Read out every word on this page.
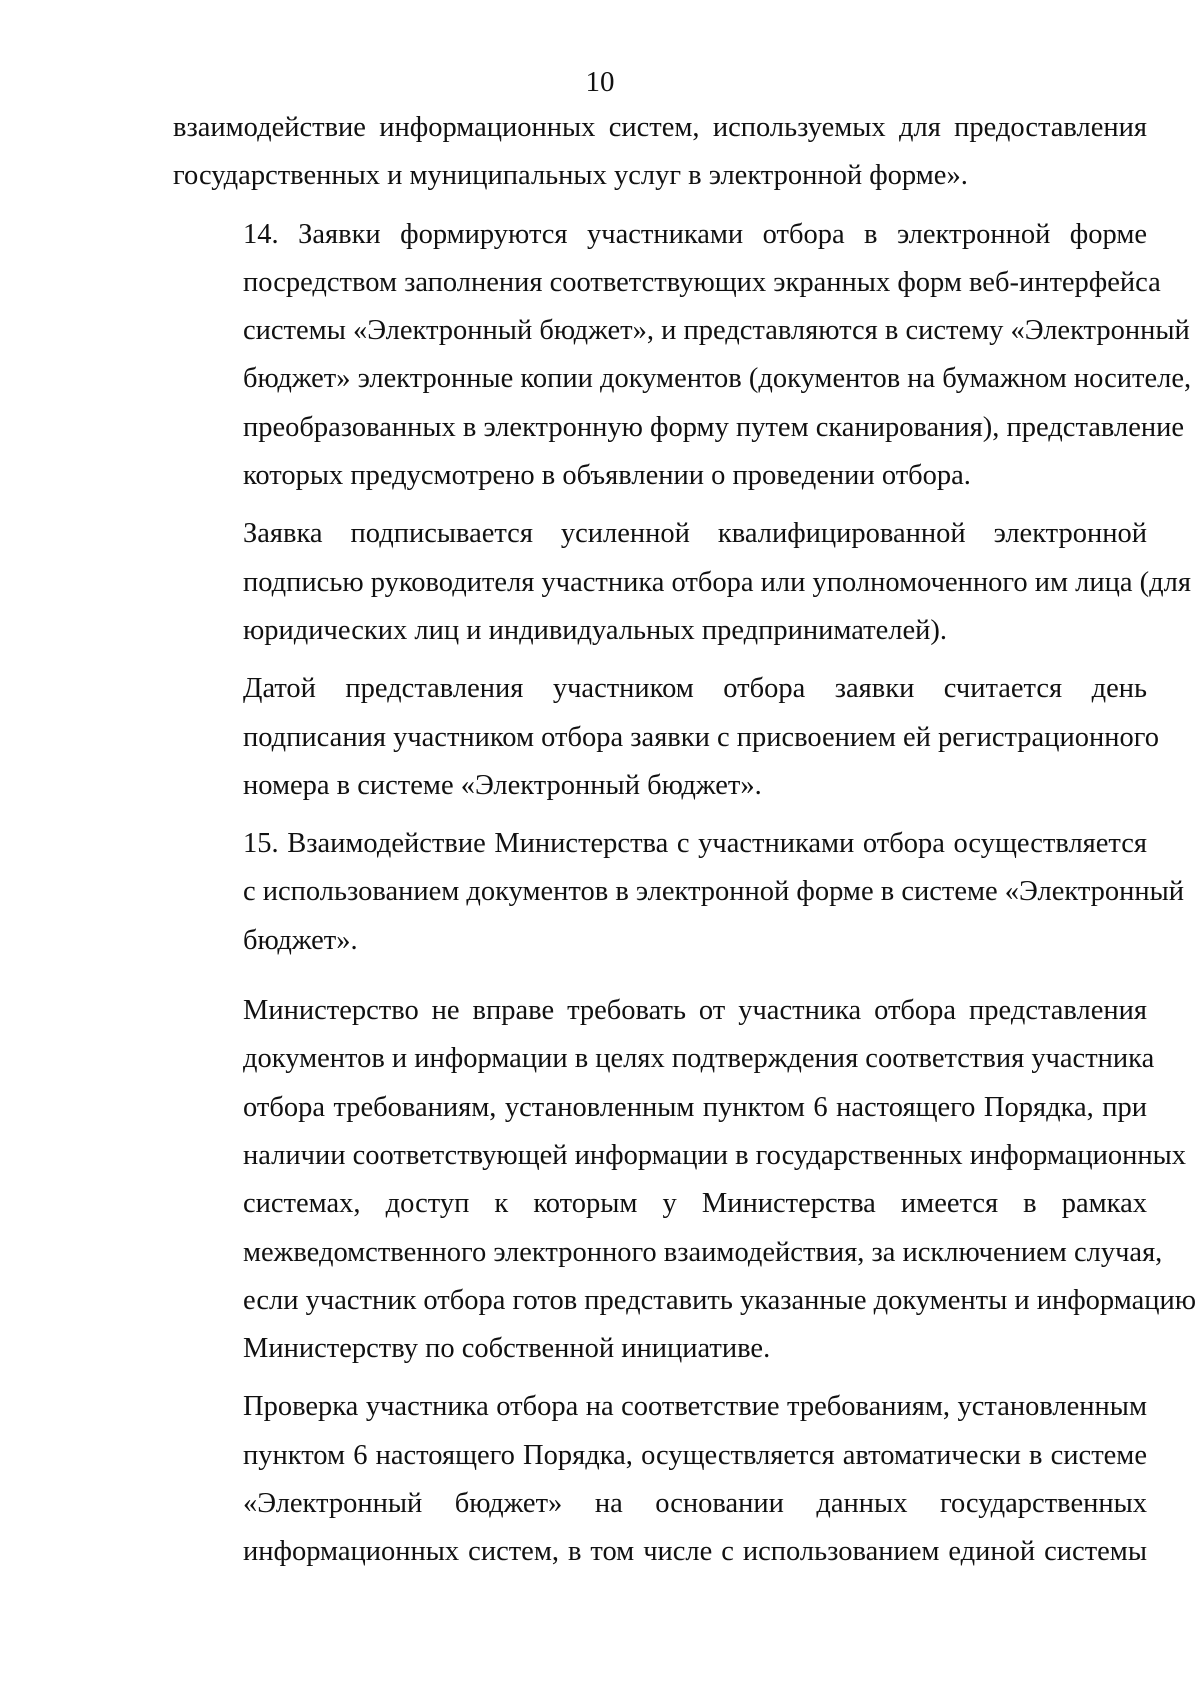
10
взаимодействие информационных систем, используемых для предоставления
государственных и муниципальных услуг в электронной форме».
14. Заявки формируются участниками отбора в электронной форме
посредством заполнения соответствующих экранных форм веб-интерфейса
системы «Электронный бюджет», и представляются в систему «Электронный
бюджет» электронные копии документов (документов на бумажном носителе,
преобразованных в электронную форму путем сканирования), представление
которых предусмотрено в объявлении о проведении отбора.
Заявка подписывается усиленной квалифицированной электронной
подписью руководителя участника отбора или уполномоченного им лица (для
юридических лиц и индивидуальных предпринимателей).
Датой представления участником отбора заявки считается день
подписания участником отбора заявки с присвоением ей регистрационного
номера в системе «Электронный бюджет».
15. Взаимодействие Министерства с участниками отбора осуществляется
с использованием документов в электронной форме в системе «Электронный
бюджет».
Министерство не вправе требовать от участника отбора представления
документов и информации в целях подтверждения соответствия участника
отбора требованиям, установленным пунктом 6 настоящего Порядка, при
наличии соответствующей информации в государственных информационных
системах, доступ к которым у Министерства имеется в рамках
межведомственного электронного взаимодействия, за исключением случая,
если участник отбора готов представить указанные документы и информацию
Министерству по собственной инициативе.
Проверка участника отбора на соответствие требованиям, установленным
пунктом 6 настоящего Порядка, осуществляется автоматически в системе
«Электронный бюджет» на основании данных государственных
информационных систем, в том числе с использованием единой системы
